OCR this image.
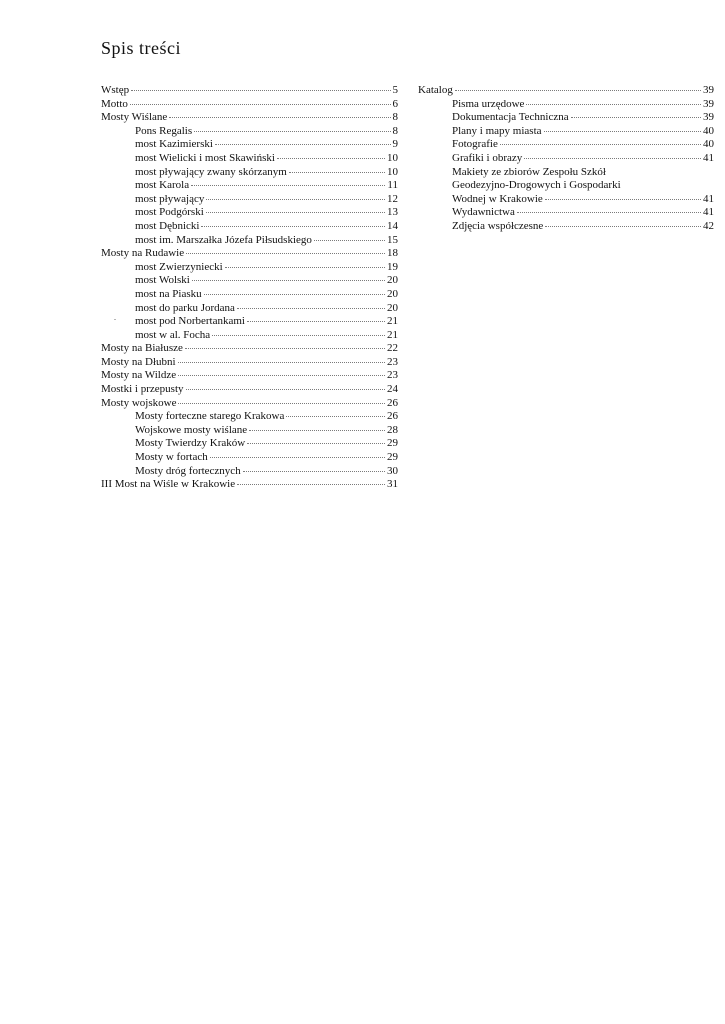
Spis treści
Wstęp	5
Motto	6
Mosty Wiślane	8
Pons Regalis	8
most Kazimierski	9
most Wielicki i most Skawiński	10
most pływający zwany skórzanym	10
most Karola	11
most pływający	12
most Podgórski	13
most Dębnicki	14
most im. Marszałka Józefa Piłsudskiego	15
Mosty na Rudawie	18
most Zwierzyniecki	19
most Wolski	20
most na Piasku	20
most do parku Jordana	20
most pod Norbertankami	21
most w al. Focha	21
Mosty na Białusze	22
Mosty na Dłubni	23
Mosty na Wildze	23
Mostki i przepusty	24
Mosty wojskowe	26
Mosty forteczne starego Krakowa	26
Wojskowe mosty wiślane	28
Mosty Twierdzy Kraków	29
Mosty w fortach	29
Mosty dróg fortecznych	30
III Most na Wiśle w Krakowie	31
Katalog	39
Pisma urzędowe	39
Dokumentacja Techniczna	39
Plany i mapy miasta	40
Fotografie	40
Grafiki i obrazy	41
Makiety ze zbiorów Zespołu Szkół
Geodezyjno-Drogowych i Gospodarki
Wodnej w Krakowie	41
Wydawnictwa	41
Zdjęcia współczesne	42
